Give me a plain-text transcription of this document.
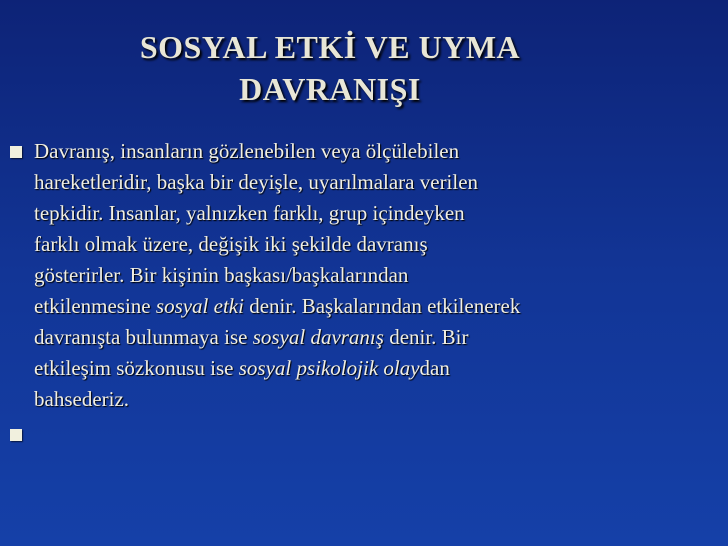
SOSYAL ETKİ VE UYMA
DAVRANIŞI
Davranış, insanların gözlenebilen veya ölçülebilen
hareketleridir, başka bir deyişle, uyarılmalara verilen
tepkidir. Insanlar, yalnızken farklı, grup içindeyken
farklı olmak üzere, değişik iki şekilde davranış
gösterirler. Bir kişinin başkası/başkalarından
etkilenmesine sosyal etki denir. Başkalarından etkilenerek
davranışta bulunmaya ise sosyal davranış denir. Bir
etkileşim sözkonusu ise sosyal psikolojik olaydan
bahsederiz.
